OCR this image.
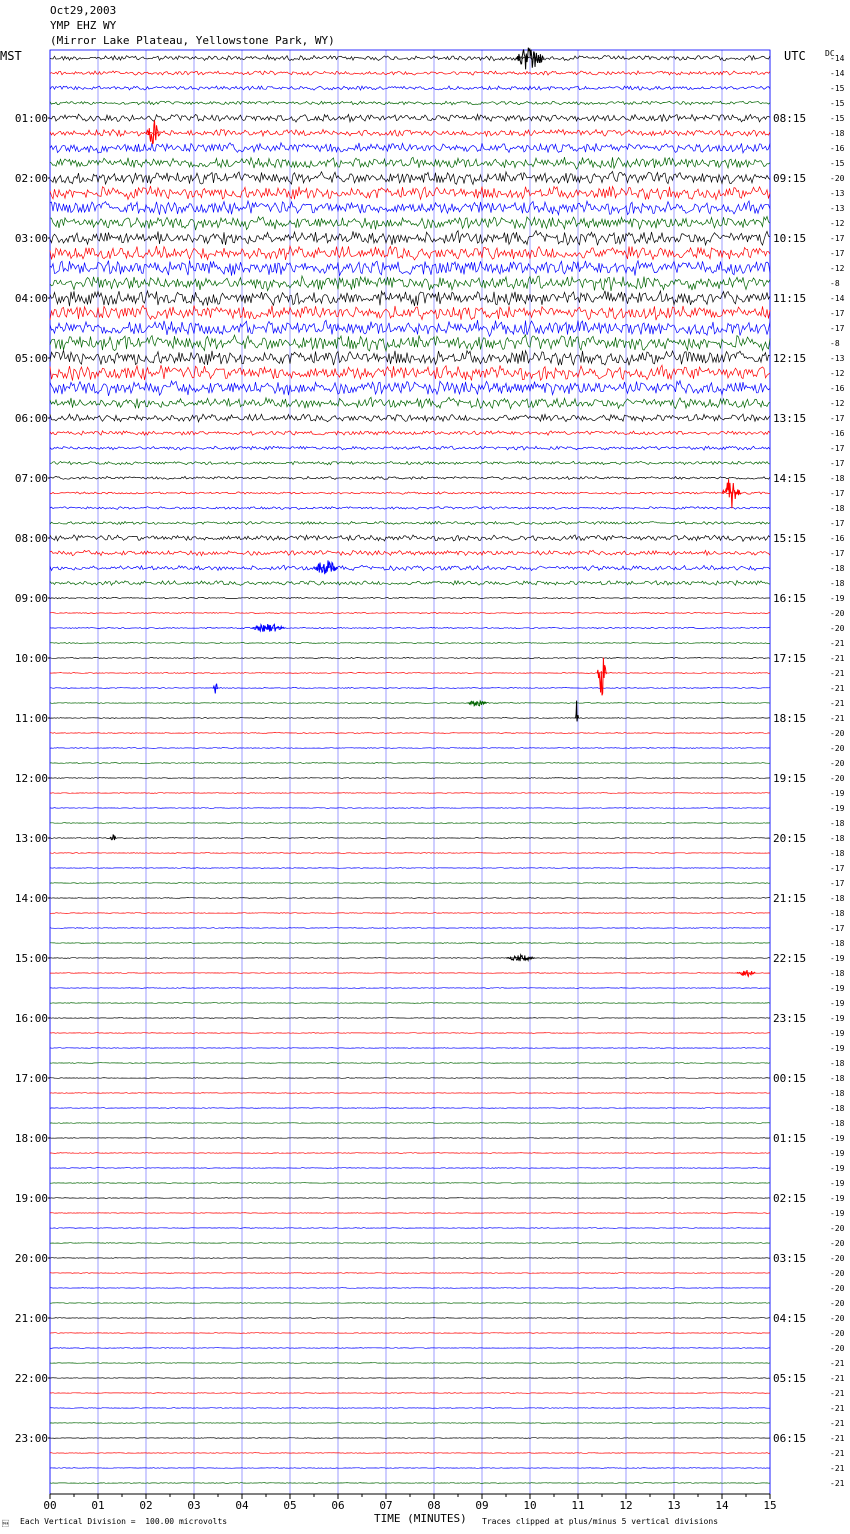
Oct29,2003
YMP EHZ WY
(Mirror Lake Plateau, Yellowstone Park, WY)
MST	UTC DC
00	01	02	03	04	05	06	07	08	09	10	11	12	13	14	15
01:00
02:00
03:00
04:00
05:00
06:00
07:00
08:00
09:00
10:00
11:00
12:00
13:00
14:00
15:00
16:00
17:00
18:00
19:00
20:00
21:00
22:00
23:00
08:15
09:15
10:15
11:15
12:15
13:15
14:15
15:15
16:15
17:15
18:15
19:15
20:15
21:15
22:15
23:15
00:15
01:15
02:15
03:15
04:15
05:15
06:15
TIME (MINUTES)
Each Vertical Division =  100.00 microvolts	Traces clipped at plus/minus 5 vertical divisions

-14
-14
-15
-15
-15
-18
-16
-15
-20
-13
-13
-12
-17
-17
-12
-8
-14
-17
-17
-8
-13
-12
-16
-12
-17
-16
-17
-17
-18
-17
-18
-17
-16
-17
-18
-18
-19
-20
-20
-21
-21
-21
-21
-21
-21
-20
-20
-20
-20
-19
-19
-18
-18
-18
-17
-17
-18
-18
-17
-18
-19
-18
-19
-19
-19
-19
-19
-18
-18
-18
-18
-18
-19
-19
-19
-19
-19
-19
-20
-20
-20
-20
-20
-20
-20
-20
-20
-21
-21
-21
-21
-21
-21
-21
-21
-21
